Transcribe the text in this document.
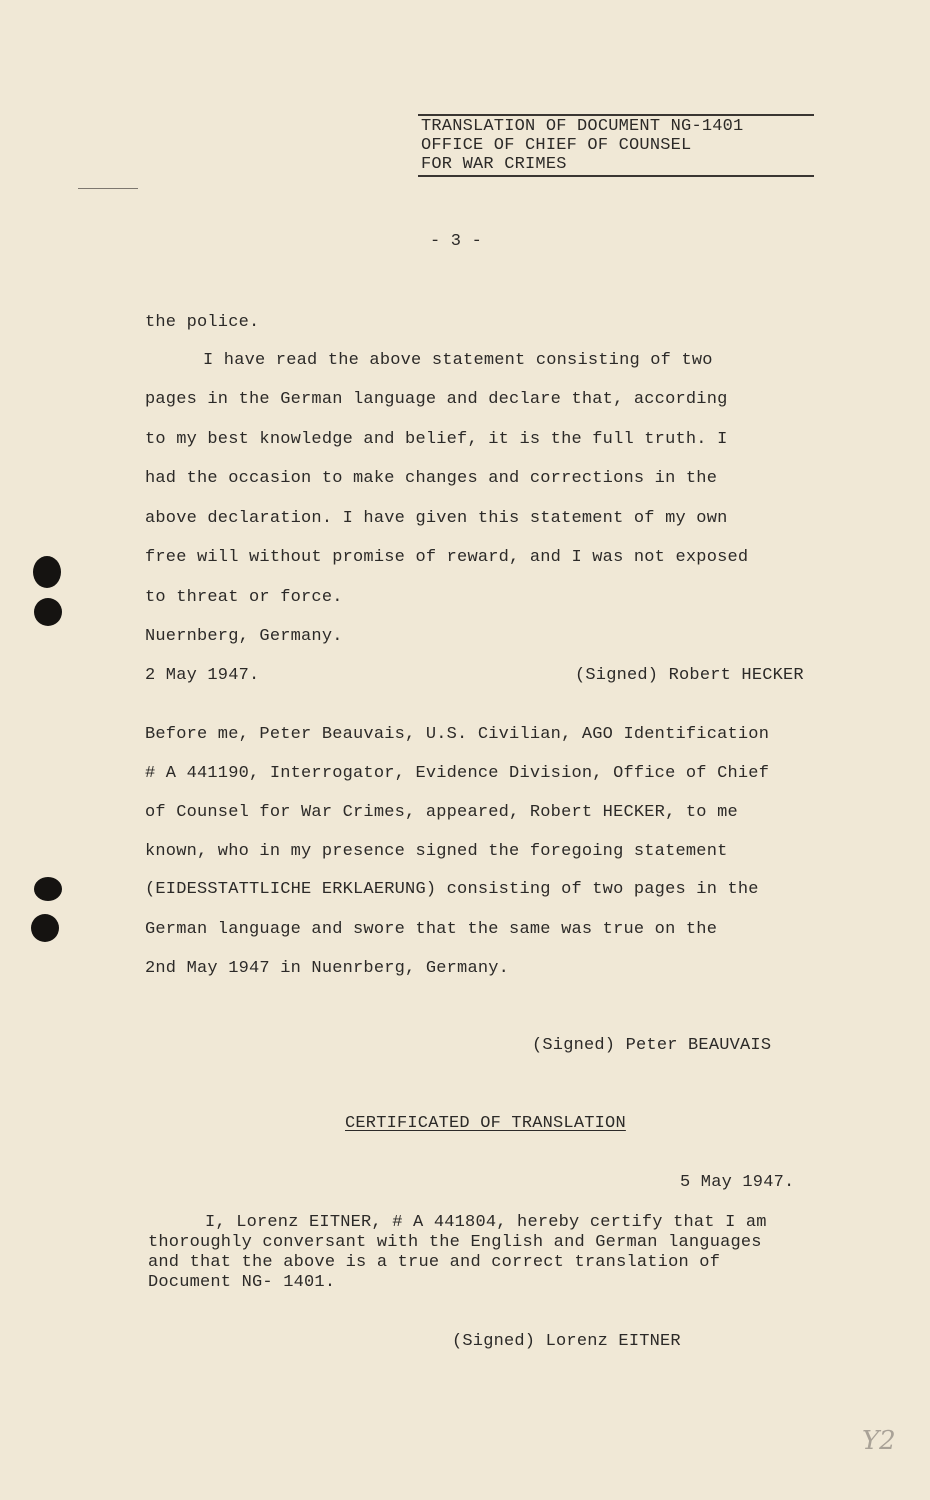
TRANSLATION OF DOCUMENT NG-1401
OFFICE OF CHIEF OF COUNSEL
FOR WAR CRIMES
- 3 -
the police.
I have read the above statement consisting of two
pages in the German language and declare that, according
to my best knowledge and belief, it is the full truth. I
had the occasion to make changes and corrections in the
above declaration. I have given this statement of my own
free will without promise of reward, and I was not exposed
to threat or force.
Nuernberg, Germany.
2 May 1947.	(Signed) Robert HECKER
Before me, Peter Beauvais, U.S. Civilian, AGO Identification
# A 441190, Interrogator, Evidence Division, Office of Chief
of Counsel for War Crimes, appeared, Robert HECKER, to me
known, who in my presence signed the foregoing statement
(EIDESSTATTLICHE ERKLAERUNG) consisting of two pages in the
German language and swore that the same was true on the
2nd May 1947 in Nuenrberg, Germany.
(Signed) Peter BEAUVAIS
CERTIFICATED OF TRANSLATION
5 May 1947.
I, Lorenz EITNER, # A 441804, hereby certify that I am
thoroughly conversant with the English and German languages
and that the above is a true and correct translation of
Document NG- 1401.
(Signed) Lorenz EITNER
Y2
